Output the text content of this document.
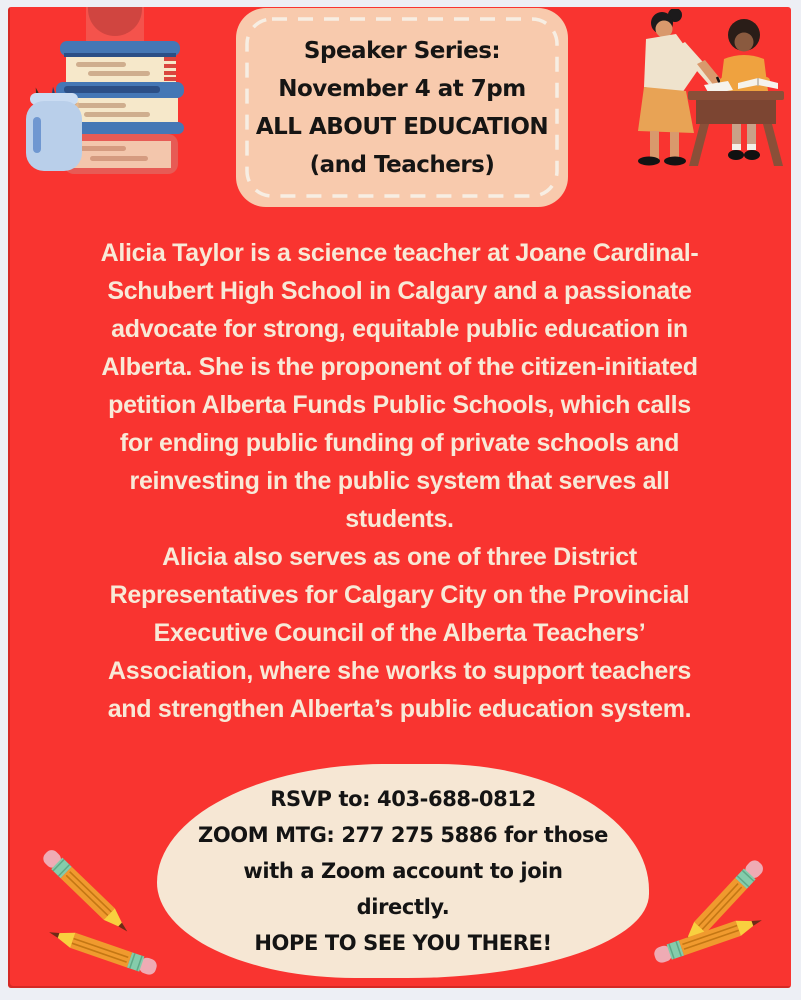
Speaker Series:
November 4 at 7pm
ALL ABOUT EDUCATION
(and Teachers)
Alicia Taylor is a science teacher at Joane Cardinal-
Schubert High School in Calgary and a passionate
advocate for strong, equitable public education in
Alberta. She is the proponent of the citizen-initiated
petition Alberta Funds Public Schools, which calls
for ending public funding of private schools and
reinvesting in the public system that serves all
students.
Alicia also serves as one of three District
Representatives for Calgary City on the Provincial
Executive Council of the Alberta Teachers’
Association, where she works to support teachers
and strengthen Alberta’s public education system.
RSVP to: 403-688-0812
ZOOM MTG: 277 275 5886 for those
with a Zoom account to join
directly.
HOPE TO SEE YOU THERE!
